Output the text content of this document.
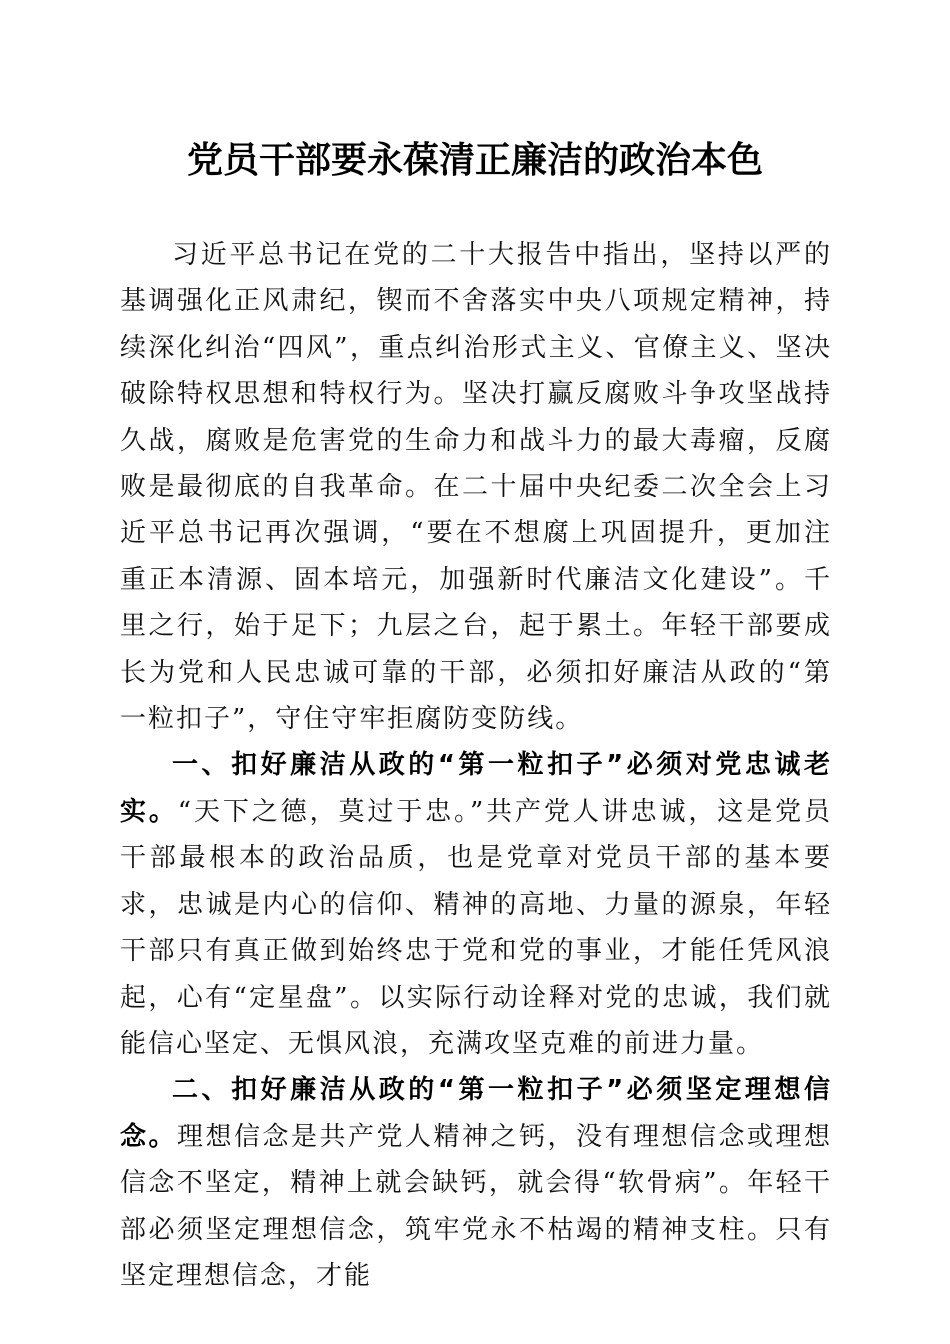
党员干部要永葆清正廉洁的政治本色

习近平总书记在党的二十大报告中指出，坚持以严的基调强化正风肃纪，锲而不舍落实中央八项规定精神，持续深化纠治“四风”，重点纠治形式主义、官僚主义、坚决破除特权思想和特权行为。坚决打赢反腐败斗争攻坚战持久战，腐败是危害党的生命力和战斗力的最大毒瘤，反腐败是最彻底的自我革命。在二十届中央纪委二次全会上习近平总书记再次强调，“要在不想腐上巩固提升，更加注重正本清源、固本培元，加强新时代廉洁文化建设”。千里之行，始于足下；九层之台，起于累土。年轻干部要成长为党和人民忠诚可靠的干部，必须扣好廉洁从政的“第一粒扣子”，守住守牢拒腐防变防线。

一、扣好廉洁从政的“第一粒扣子”必须对党忠诚老实。“天下之德，莫过于忠。”共产党人讲忠诚，这是党员干部最根本的政治品质，也是党章对党员干部的基本要求，忠诚是内心的信仰、精神的高地、力量的源泉，年轻干部只有真正做到始终忠于党和党的事业，才能任凭风浪起，心有“定星盘”。以实际行动诠释对党的忠诚，我们就能信心坚定、无惧风浪，充满攻坚克难的前进力量。

二、扣好廉洁从政的“第一粒扣子”必须坚定理想信念。理想信念是共产党人精神之钙，没有理想信念或理想信念不坚定，精神上就会缺钙，就会得“软骨病”。年轻干部必须坚定理想信念，筑牢党永不枯竭的精神支柱。只有坚定理想信念，才能
